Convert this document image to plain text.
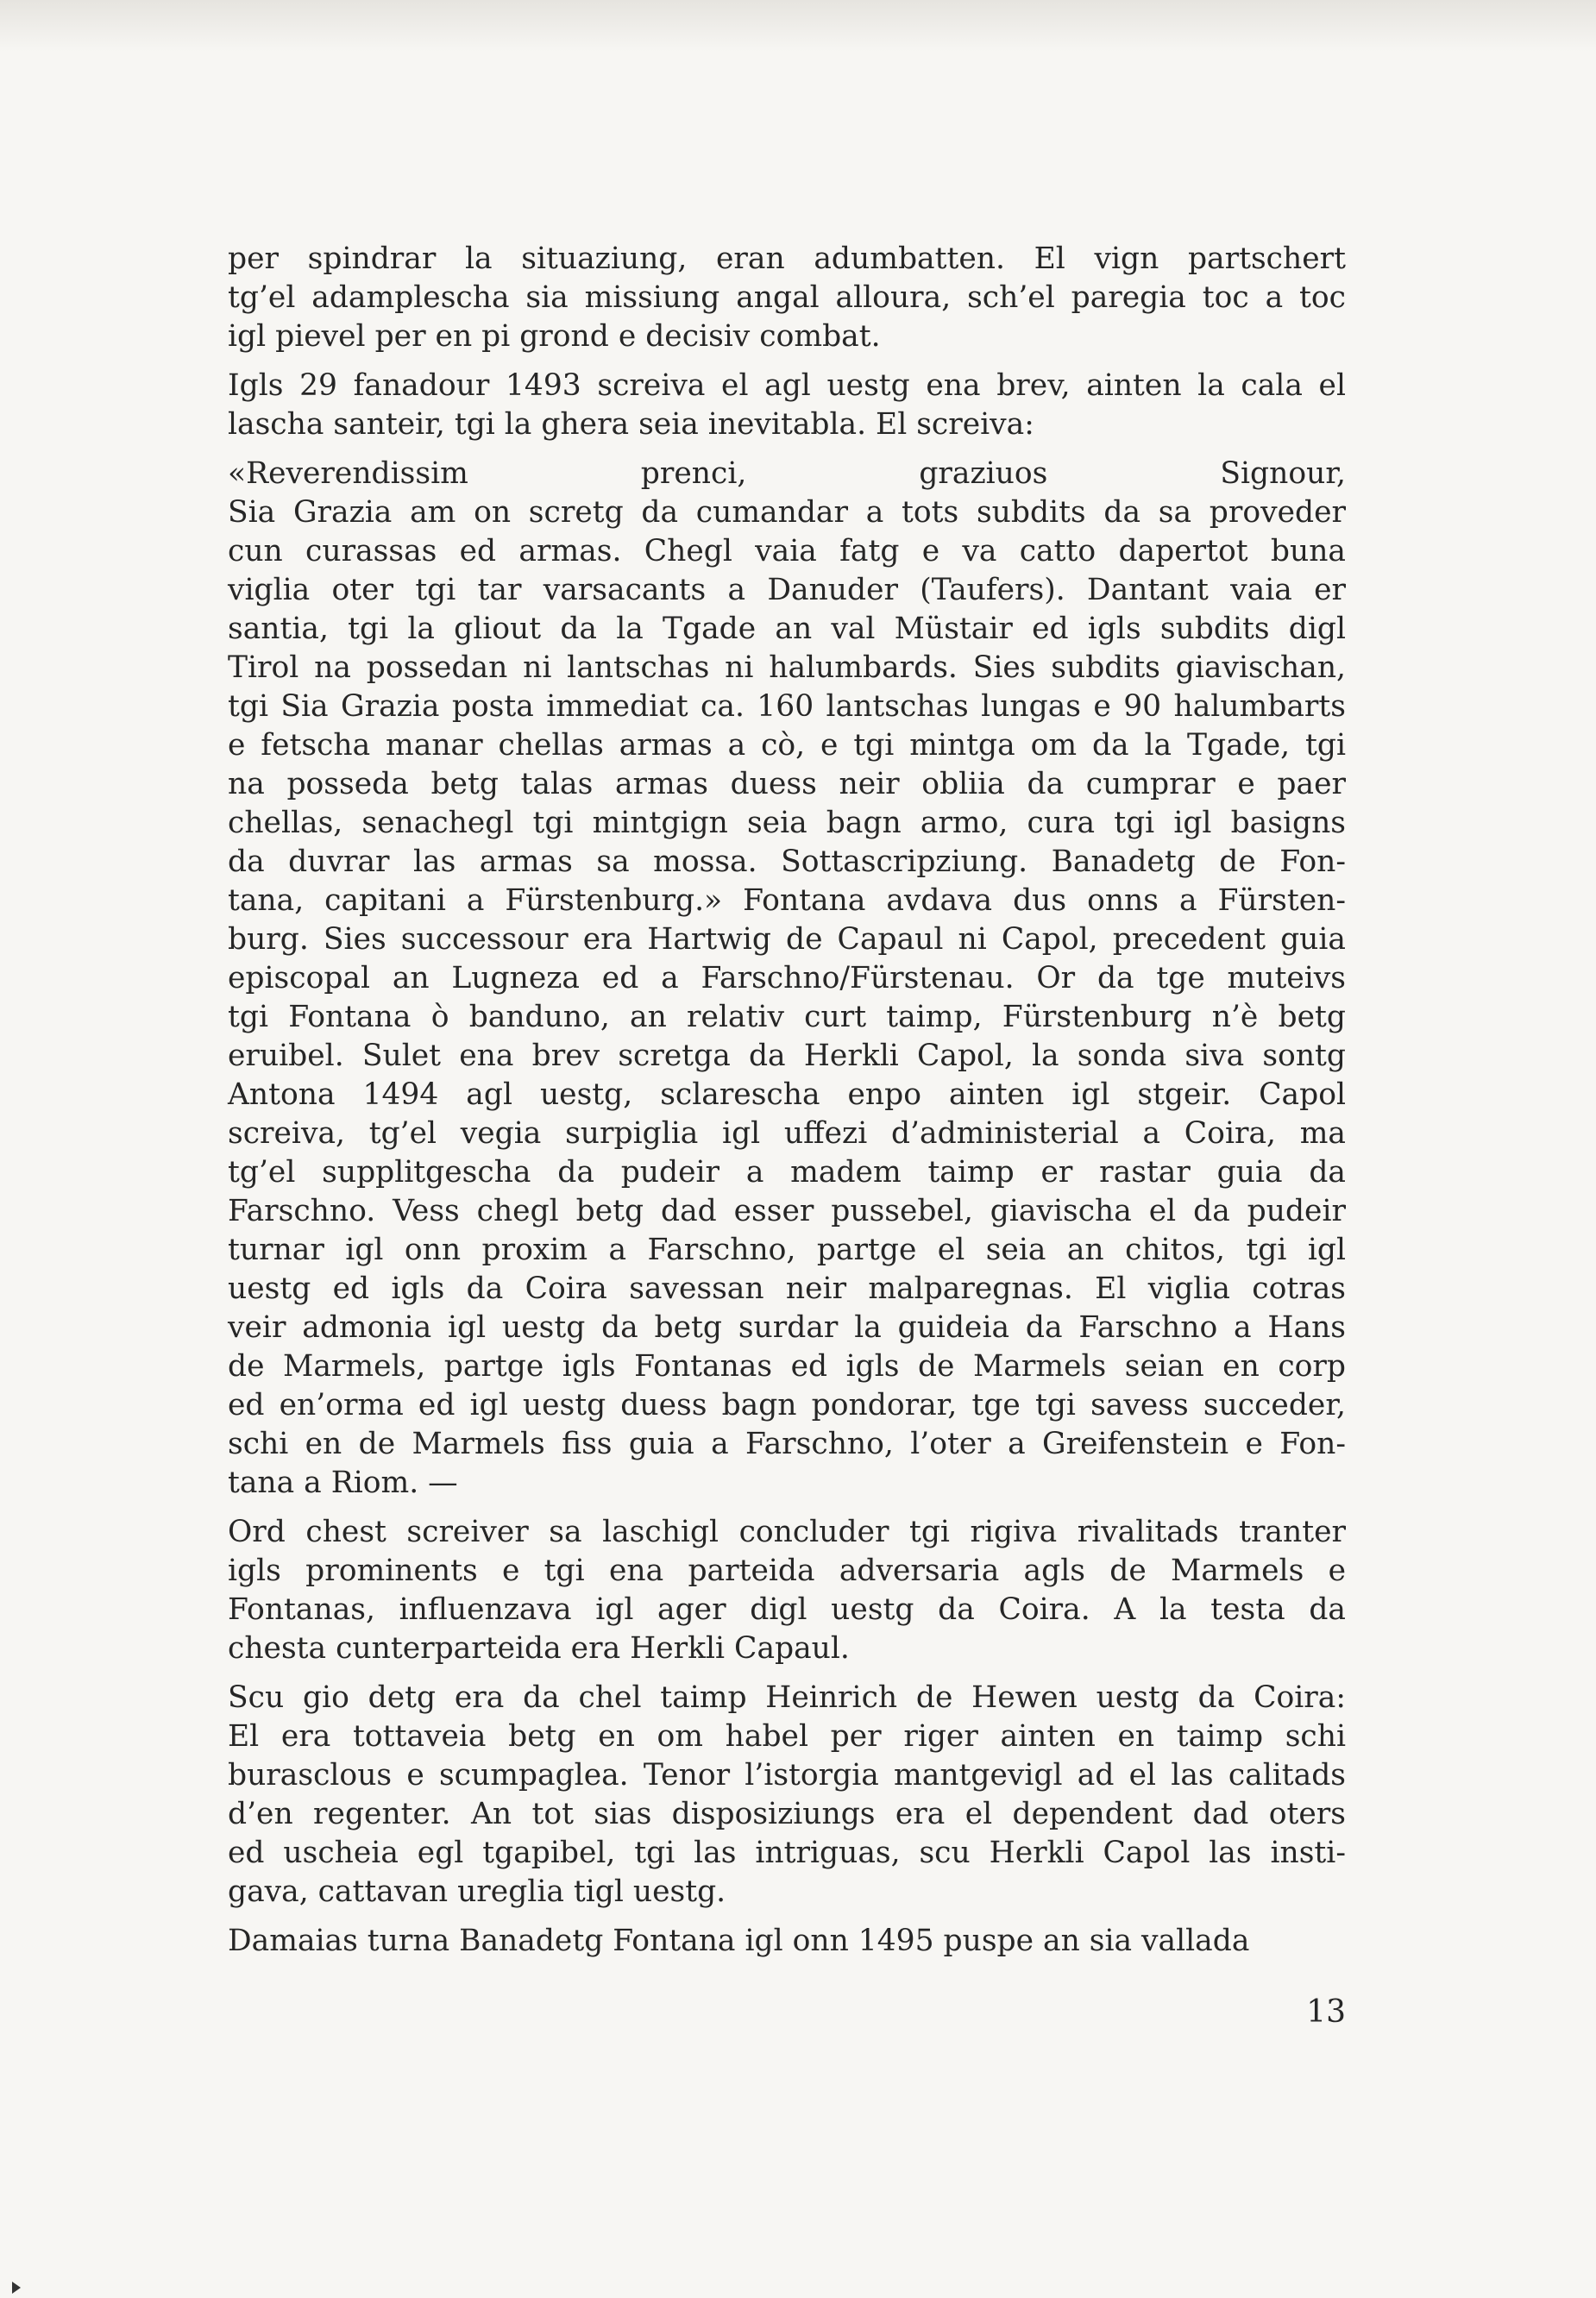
per spindrar la situaziung, eran adumbatten. El vign partschert
tg’el adamplescha sia missiung angal alloura, sch’el paregia toc a toc
igl pievel per en pi grond e decisiv combat.
Igls 29 fanadour 1493 screiva el agl uestg ena brev, ainten la cala el
lascha santeir, tgi la ghera seia inevitabla. El screiva:
«Reverendissim prenci, graziuos Signour,
Sia Grazia am on scretg da cumandar a tots subdits da sa proveder
cun curassas ed armas. Chegl vaia fatg e va catto dapertot buna
viglia oter tgi tar varsacants a Danuder (Taufers). Dantant vaia er
santia, tgi la gliout da la Tgade an val Müstair ed igls subdits digl
Tirol na possedan ni lantschas ni halumbards. Sies subdits giavischan,
tgi Sia Grazia posta immediat ca. 160 lantschas lungas e 90 halumbarts
e fetscha manar chellas armas a cò, e tgi mintga om da la Tgade, tgi
na posseda betg talas armas duess neir obliia da cumprar e paer
chellas, senachegl tgi mintgign seia bagn armo, cura tgi igl basigns
da duvrar las armas sa mossa. Sottascripziung. Banadetg de Fon-
tana, capitani a Fürstenburg.» Fontana avdava dus onns a Fürsten-
burg. Sies successour era Hartwig de Capaul ni Capol, precedent guia
episcopal an Lugneza ed a Farschno/Fürstenau. Or da tge muteivs
tgi Fontana ò banduno, an relativ curt taimp, Fürstenburg n’è betg
eruibel. Sulet ena brev scretga da Herkli Capol, la sonda siva sontg
Antona 1494 agl uestg, sclarescha enpo ainten igl stgeir. Capol
screiva, tg’el vegia surpiglia igl uffezi d’administerial a Coira, ma
tg’el supplitgescha da pudeir a madem taimp er rastar guia da
Farschno. Vess chegl betg dad esser pussebel, giavischa el da pudeir
turnar igl onn proxim a Farschno, partge el seia an chitos, tgi igl
uestg ed igls da Coira savessan neir malparegnas. El viglia cotras
veir admonia igl uestg da betg surdar la guideia da Farschno a Hans
de Marmels, partge igls Fontanas ed igls de Marmels seian en corp
ed en’orma ed igl uestg duess bagn pondorar, tge tgi savess succeder,
schi en de Marmels fiss guia a Farschno, l’oter a Greifenstein e Fon-
tana a Riom. —
Ord chest screiver sa laschigl concluder tgi rigiva rivalitads tranter
igls prominents e tgi ena parteida adversaria agls de Marmels e
Fontanas, influenzava igl ager digl uestg da Coira. A la testa da
chesta cunterparteida era Herkli Capaul.
Scu gio detg era da chel taimp Heinrich de Hewen uestg da Coira:
El era tottaveia betg en om habel per riger ainten en taimp schi
burasclous e scumpaglea. Tenor l’istorgia mantgevigl ad el las calitads
d’en regenter. An tot sias disposiziungs era el dependent dad oters
ed uscheia egl tgapibel, tgi las intriguas, scu Herkli Capol las insti-
gava, cattavan ureglia tigl uestg.
Damaias turna Banadetg Fontana igl onn 1495 puspe an sia vallada
13
